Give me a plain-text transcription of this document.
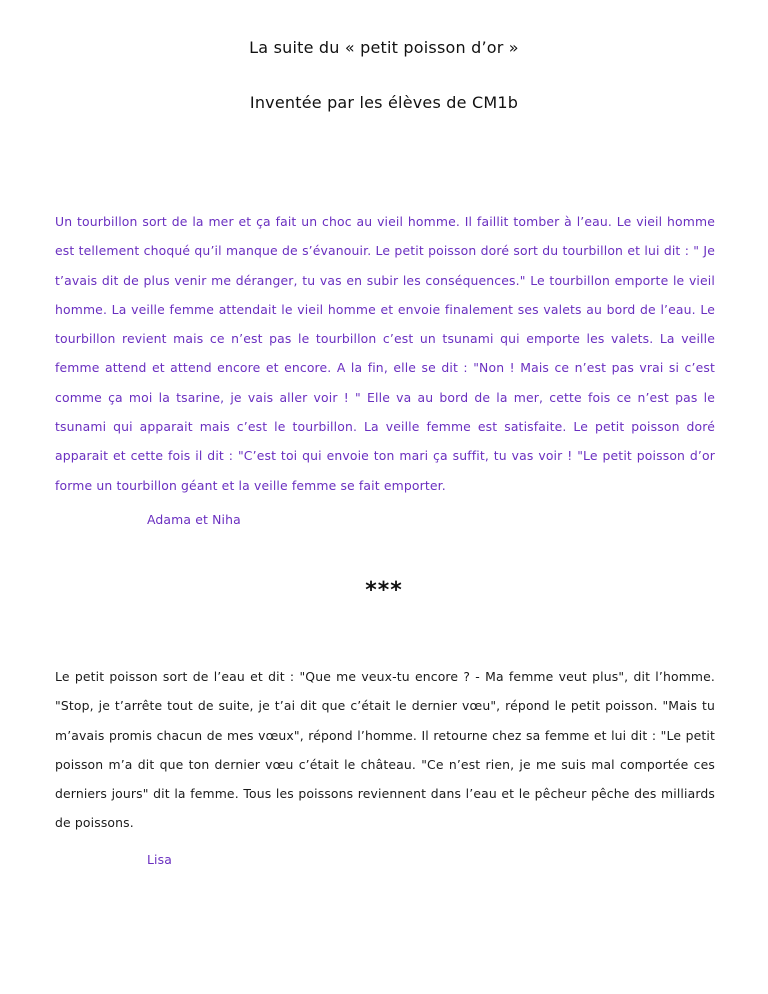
La suite du « petit poisson d’or »
Inventée par les élèves de CM1b

Un tourbillon sort de la mer et ça fait un choc au vieil homme. Il faillit tomber à l’eau. Le vieil homme est tellement choqué qu’il manque de s’évanouir. Le petit poisson doré sort du tourbillon et lui dit : " Je t’avais dit de plus venir me déranger, tu vas en subir les conséquences." Le tourbillon emporte le vieil homme. La veille femme attendait le vieil homme et envoie finalement ses valets au bord de l’eau. Le tourbillon revient mais ce n’est pas le tourbillon c’est un tsunami qui emporte les valets. La veille femme attend et attend encore et encore. A la fin, elle se dit : "Non ! Mais ce n’est pas vrai si c’est comme ça moi la tsarine, je vais aller voir ! " Elle va au bord de la mer, cette fois ce n’est pas le tsunami qui apparait mais c’est le tourbillon. La veille femme est satisfaite. Le petit poisson doré apparait et cette fois il dit : "C’est toi qui envoie ton mari ça suffit, tu vas voir ! "Le petit poisson d’or forme un tourbillon géant et la veille femme se fait emporter.

Adama et Niha
***

Le petit poisson sort de l’eau et dit : "Que me veux-tu encore ? - Ma femme veut plus", dit l’homme. "Stop, je t’arrête tout de suite, je t’ai dit que c’était le dernier vœu", répond le petit poisson. "Mais tu m’avais promis chacun de mes vœux", répond l’homme. Il retourne chez sa femme et lui dit : "Le petit poisson m’a dit que ton dernier vœu c’était le château. "Ce n’est rien, je me suis mal comportée ces derniers jours" dit la femme. Tous les poissons reviennent dans l’eau et le pêcheur pêche des milliards de poissons.

Lisa
